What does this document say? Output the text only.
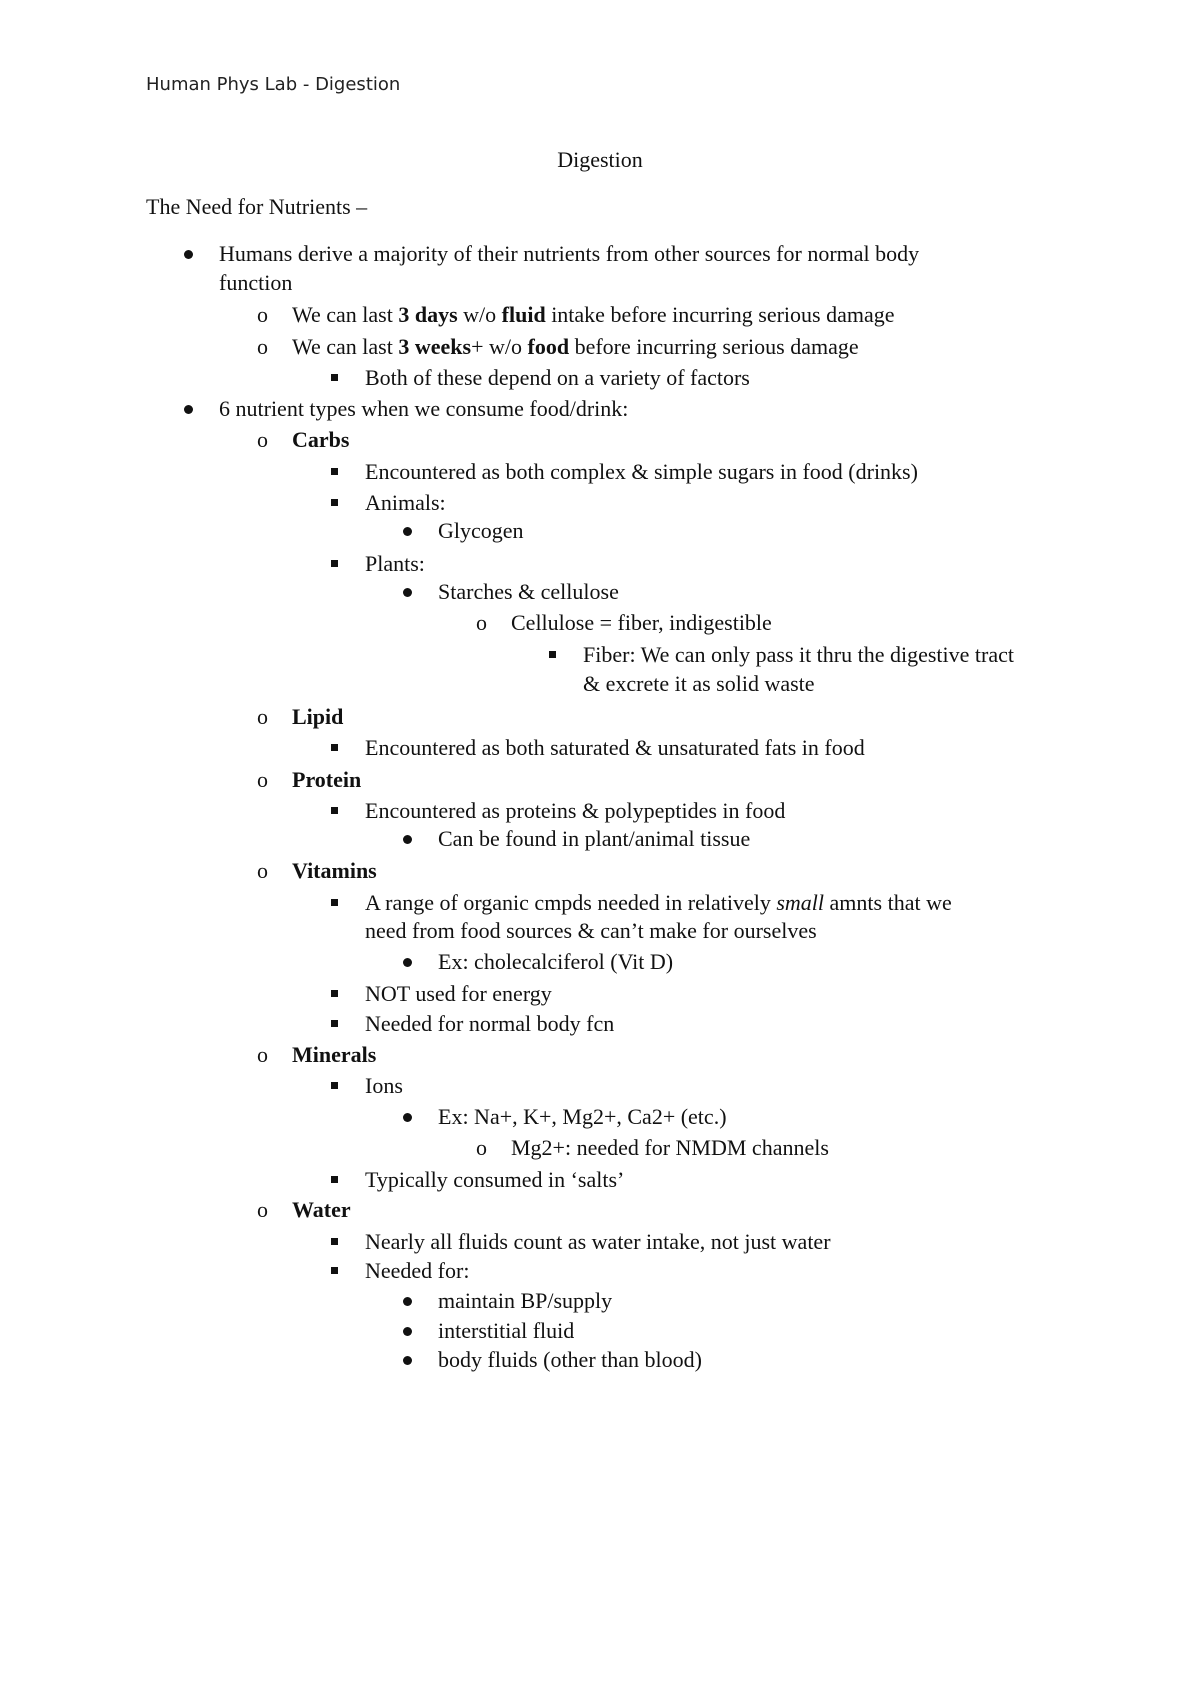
Human Phys Lab - Digestion
Digestion
The Need for Nutrients –
Humans derive a majority of their nutrients from other sources for normal body
function
o We can last 3 days w/o fluid intake before incurring serious damage
o We can last 3 weeks+ w/o food before incurring serious damage
Both of these depend on a variety of factors
6 nutrient types when we consume food/drink:
o Carbs
Encountered as both complex & simple sugars in food (drinks)
Animals:
Glycogen
Plants:
Starches & cellulose
o Cellulose = fiber, indigestible
Fiber: We can only pass it thru the digestive tract
& excrete it as solid waste
o Lipid
Encountered as both saturated & unsaturated fats in food
o Protein
Encountered as proteins & polypeptides in food
Can be found in plant/animal tissue
o Vitamins
A range of organic cmpds needed in relatively small amnts that we
need from food sources & can’t make for ourselves
Ex: cholecalciferol (Vit D)
NOT used for energy
Needed for normal body fcn
o Minerals
Ions
Ex: Na+, K+, Mg2+, Ca2+ (etc.)
o Mg2+: needed for NMDM channels
Typically consumed in ‘salts’
o Water
Nearly all fluids count as water intake, not just water
Needed for:
maintain BP/supply
interstitial fluid
body fluids (other than blood)
